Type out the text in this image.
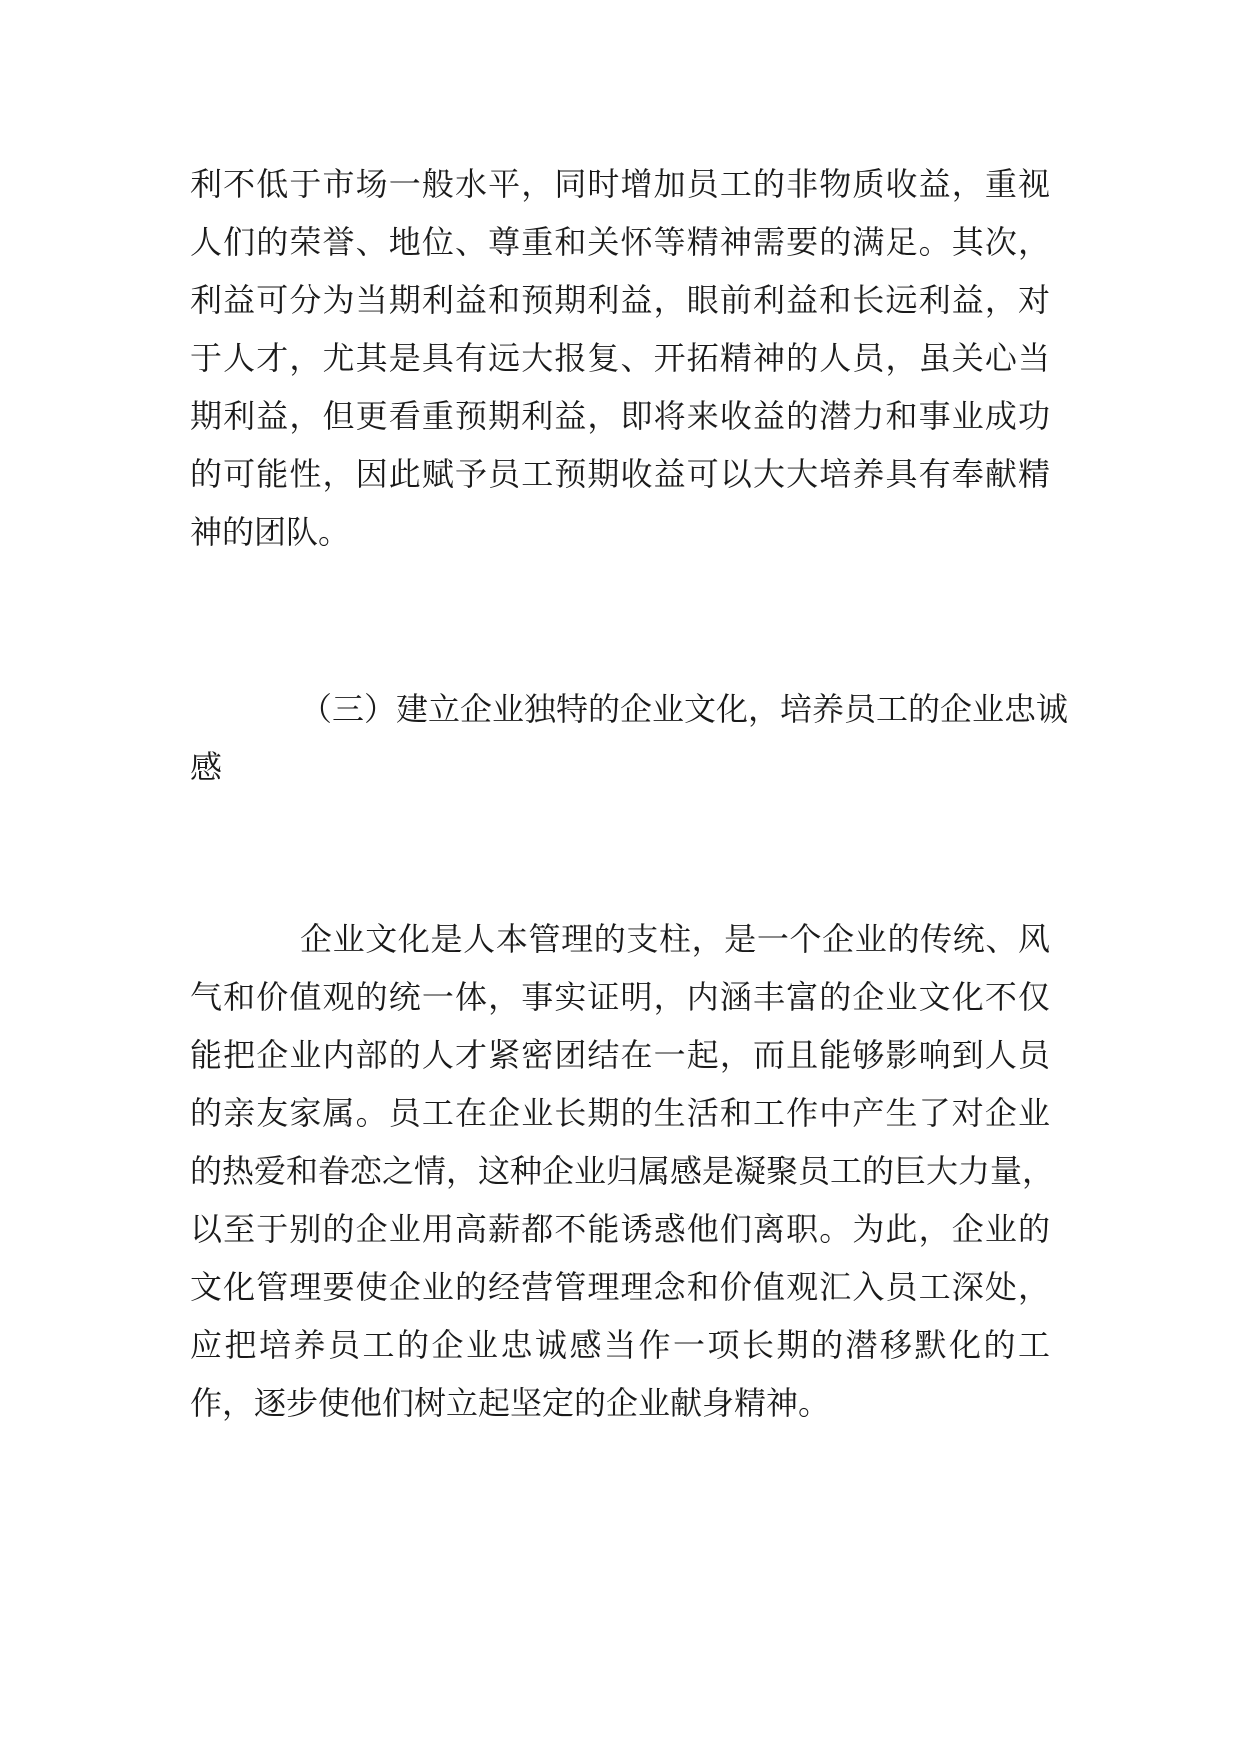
利不低于市场一般水平，同时增加员工的非物质收益，重视
人们的荣誉、地位、尊重和关怀等精神需要的满足。其次，
利益可分为当期利益和预期利益，眼前利益和长远利益，对
于人才，尤其是具有远大报复、开拓精神的人员，虽关心当
期利益，但更看重预期利益，即将来收益的潜力和事业成功
的可能性，因此赋予员工预期收益可以大大培养具有奉献精
神的团队。
（三）建立企业独特的企业文化，培养员工的企业忠诚
感
企业文化是人本管理的支柱，是一个企业的传统、风
气和价值观的统一体，事实证明，内涵丰富的企业文化不仅
能把企业内部的人才紧密团结在一起，而且能够影响到人员
的亲友家属。员工在企业长期的生活和工作中产生了对企业
的热爱和眷恋之情，这种企业归属感是凝聚员工的巨大力量，
以至于别的企业用高薪都不能诱惑他们离职。为此，企业的
文化管理要使企业的经营管理理念和价值观汇入员工深处，
应把培养员工的企业忠诚感当作一项长期的潜移默化的工
作，逐步使他们树立起坚定的企业献身精神。
